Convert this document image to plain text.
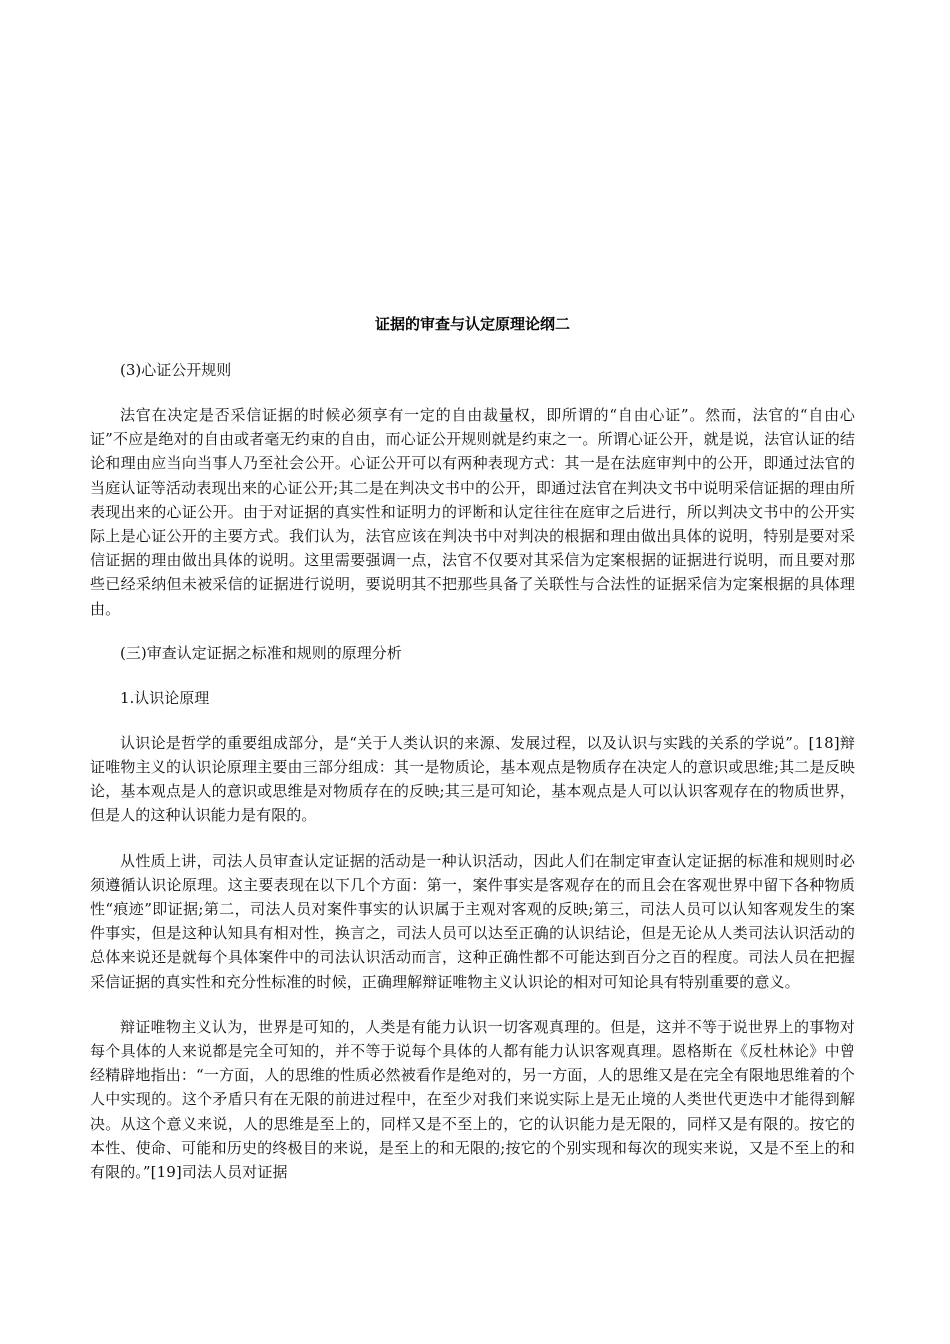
证据的审查与认定原理论纲二
(3)心证公开规则
法官在决定是否采信证据的时候必须享有一定的自由裁量权，即所谓的“自由心证”。然而，法官的“自由心证”不应是绝对的自由或者毫无约束的自由，而心证公开规则就是约束之一。所谓心证公开，就是说，法官认证的结论和理由应当向当事人乃至社会公开。心证公开可以有两种表现方式：其一是在法庭审判中的公开，即通过法官的当庭认证等活动表现出来的心证公开;其二是在判决文书中的公开，即通过法官在判决文书中说明采信证据的理由所表现出来的心证公开。由于对证据的真实性和证明力的评断和认定往往在庭审之后进行，所以判决文书中的公开实际上是心证公开的主要方式。我们认为，法官应该在判决书中对判决的根据和理由做出具体的说明，特别是要对采信证据的理由做出具体的说明。这里需要强调一点，法官不仅要对其采信为定案根据的证据进行说明，而且要对那些已经采纳但未被采信的证据进行说明，要说明其不把那些具备了关联性与合法性的证据采信为定案根据的具体理由。
(三)审查认定证据之标准和规则的原理分析
1.认识论原理
认识论是哲学的重要组成部分，是“关于人类认识的来源、发展过程，以及认识与实践的关系的学说”。[18]辩证唯物主义的认识论原理主要由三部分组成：其一是物质论，基本观点是物质存在决定人的意识或思维;其二是反映论，基本观点是人的意识或思维是对物质存在的反映;其三是可知论，基本观点是人可以认识客观存在的物质世界，但是人的这种认识能力是有限的。
从性质上讲，司法人员审查认定证据的活动是一种认识活动，因此人们在制定审查认定证据的标准和规则时必须遵循认识论原理。这主要表现在以下几个方面：第一，案件事实是客观存在的而且会在客观世界中留下各种物质性“痕迹”即证据;第二，司法人员对案件事实的认识属于主观对客观的反映;第三，司法人员可以认知客观发生的案件事实，但是这种认知具有相对性，换言之，司法人员可以达至正确的认识结论，但是无论从人类司法认识活动的总体来说还是就每个具体案件中的司法认识活动而言，这种正确性都不可能达到百分之百的程度。司法人员在把握采信证据的真实性和充分性标准的时候，正确理解辩证唯物主义认识论的相对可知论具有特别重要的意义。
辩证唯物主义认为，世界是可知的，人类是有能力认识一切客观真理的。但是，这并不等于说世界上的事物对每个具体的人来说都是完全可知的，并不等于说每个具体的人都有能力认识客观真理。恩格斯在《反杜林论》中曾经精辟地指出：“一方面，人的思维的性质必然被看作是绝对的，另一方面，人的思维又是在完全有限地思维着的个人中实现的。这个矛盾只有在无限的前进过程中，在至少对我们来说实际上是无止境的人类世代更迭中才能得到解决。从这个意义来说，人的思维是至上的，同样又是不至上的，它的认识能力是无限的，同样又是有限的。按它的本性、使命、可能和历史的终极目的来说，是至上的和无限的;按它的个别实现和每次的现实来说，又是不至上的和有限的。”[19]司法人员对证据
